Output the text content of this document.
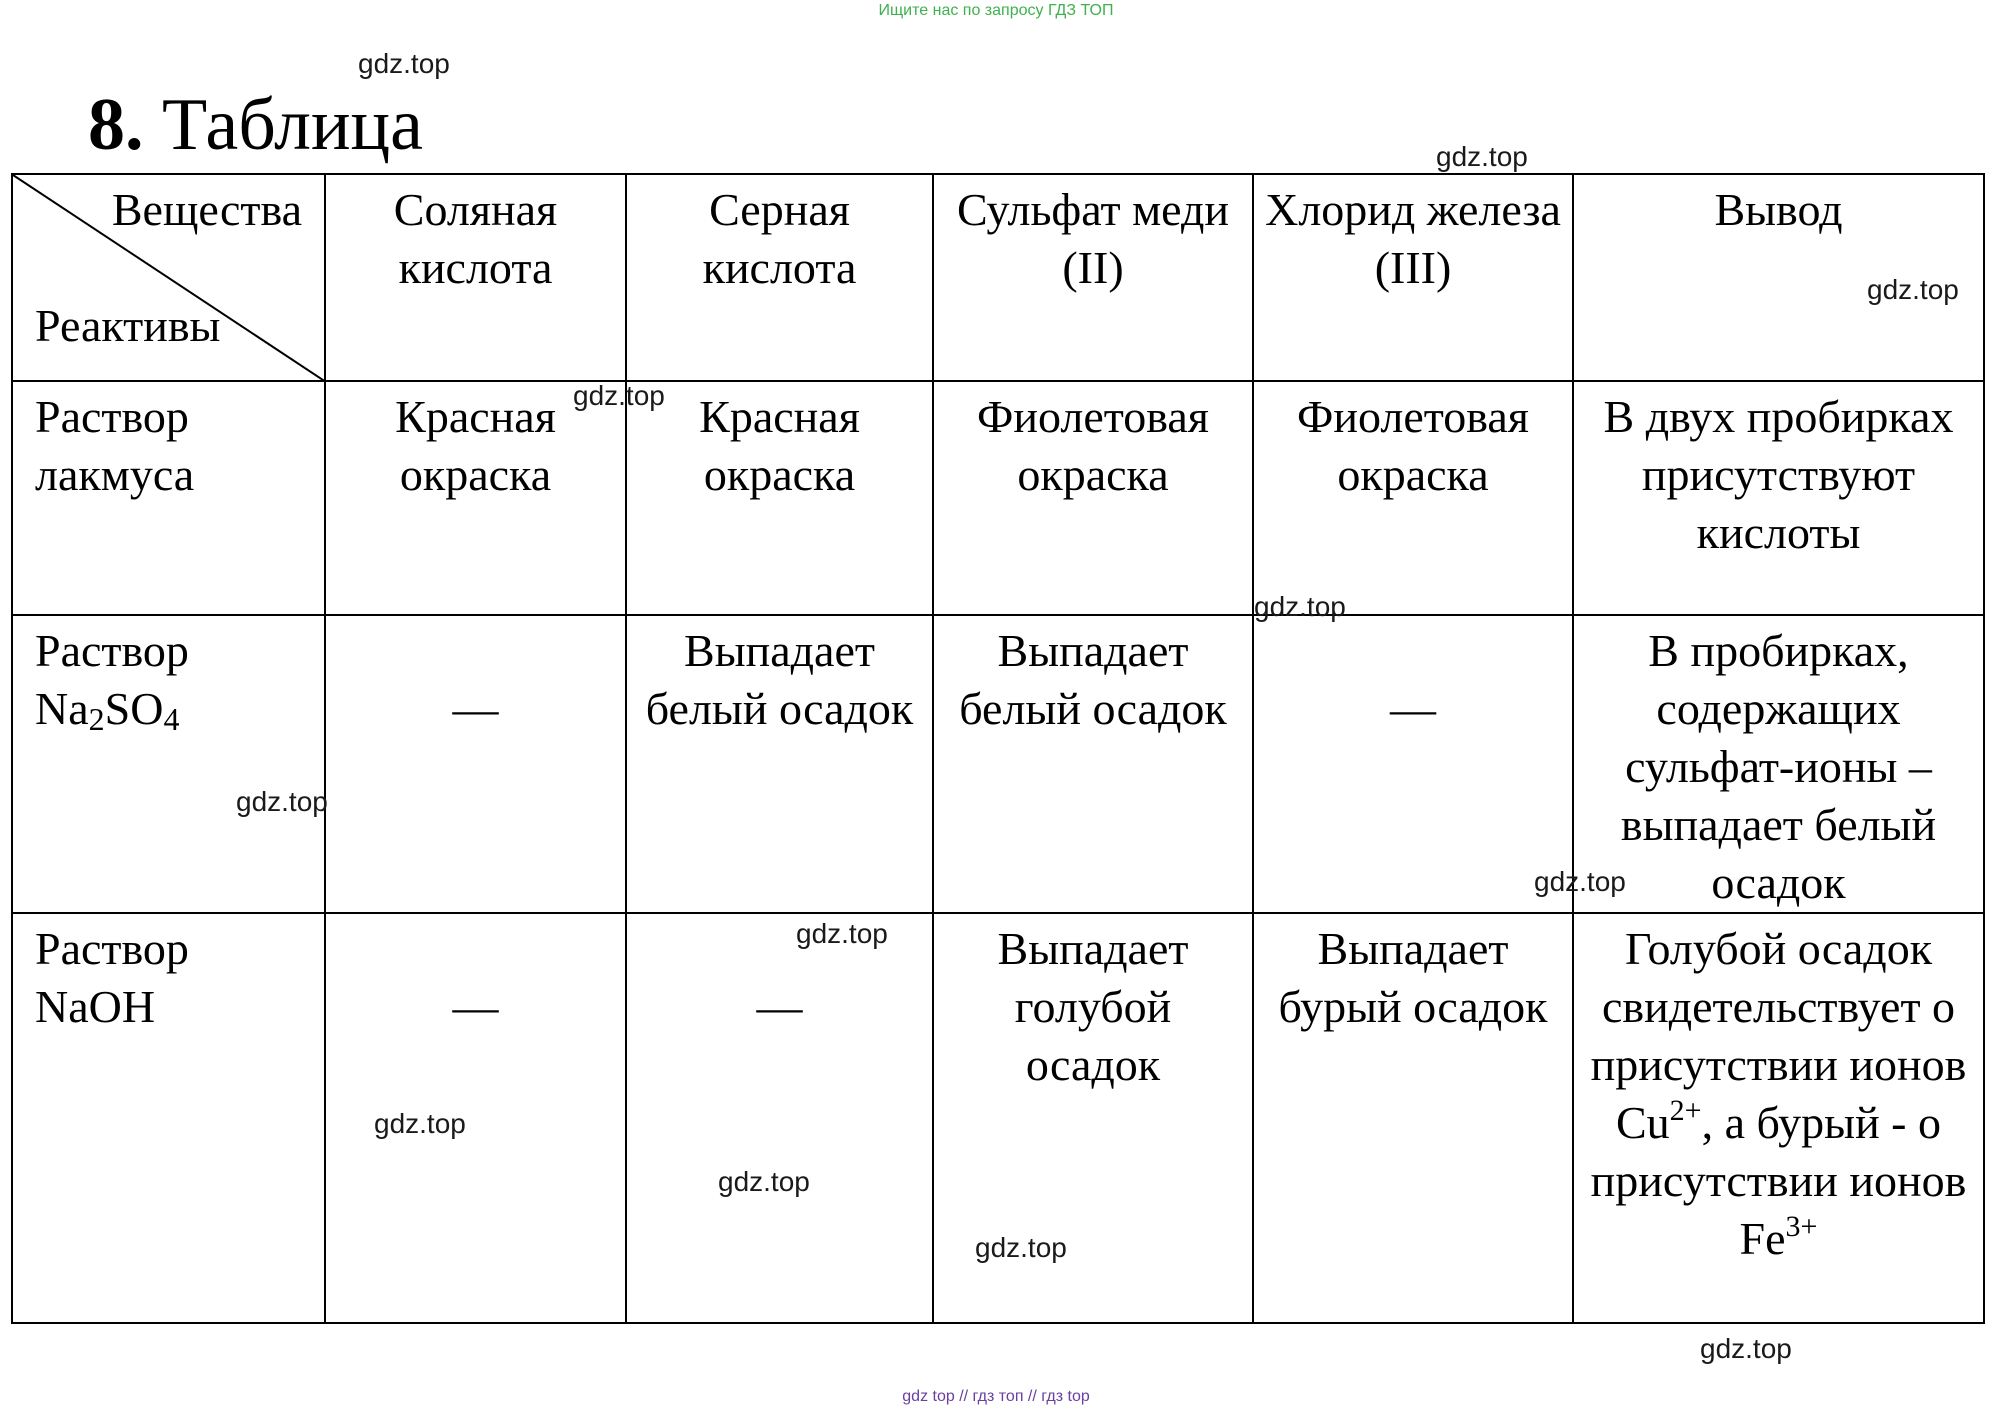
Ищите нас по запросу ГДЗ ТОП
8. Таблица
Вещества
Реактивы	Соляная кислота	Серная кислота	Сульфат меди (II)	Хлорид железа (III)	Вывод
Раствор лакмуса	Красная окраска	Красная окраска	Фиолетовая окраска	Фиолетовая окраска	В двух пробирках присутствуют кислоты
Раствор $Na_2SO_4$	—	Выпадает белый осадок	Выпадает белый осадок	—	В пробирках, содержащих сульфат-ионы – выпадает белый осадок
Раствор NaOH	—	—	Выпадает голубой осадок	Выпадает бурый осадок	Голубой осадок свидетельствует о присутствии ионов $Cu^{2+}$, а бурый - о присутствии ионов $Fe^{3+}$
gdz.top
gdz.top
gdz.top
gdz.top
gdz.top
gdz.top
gdz.top
gdz.top
gdz.top
gdz.top
gdz.top
gdz.top
gdz top // гдз топ // гдз top
